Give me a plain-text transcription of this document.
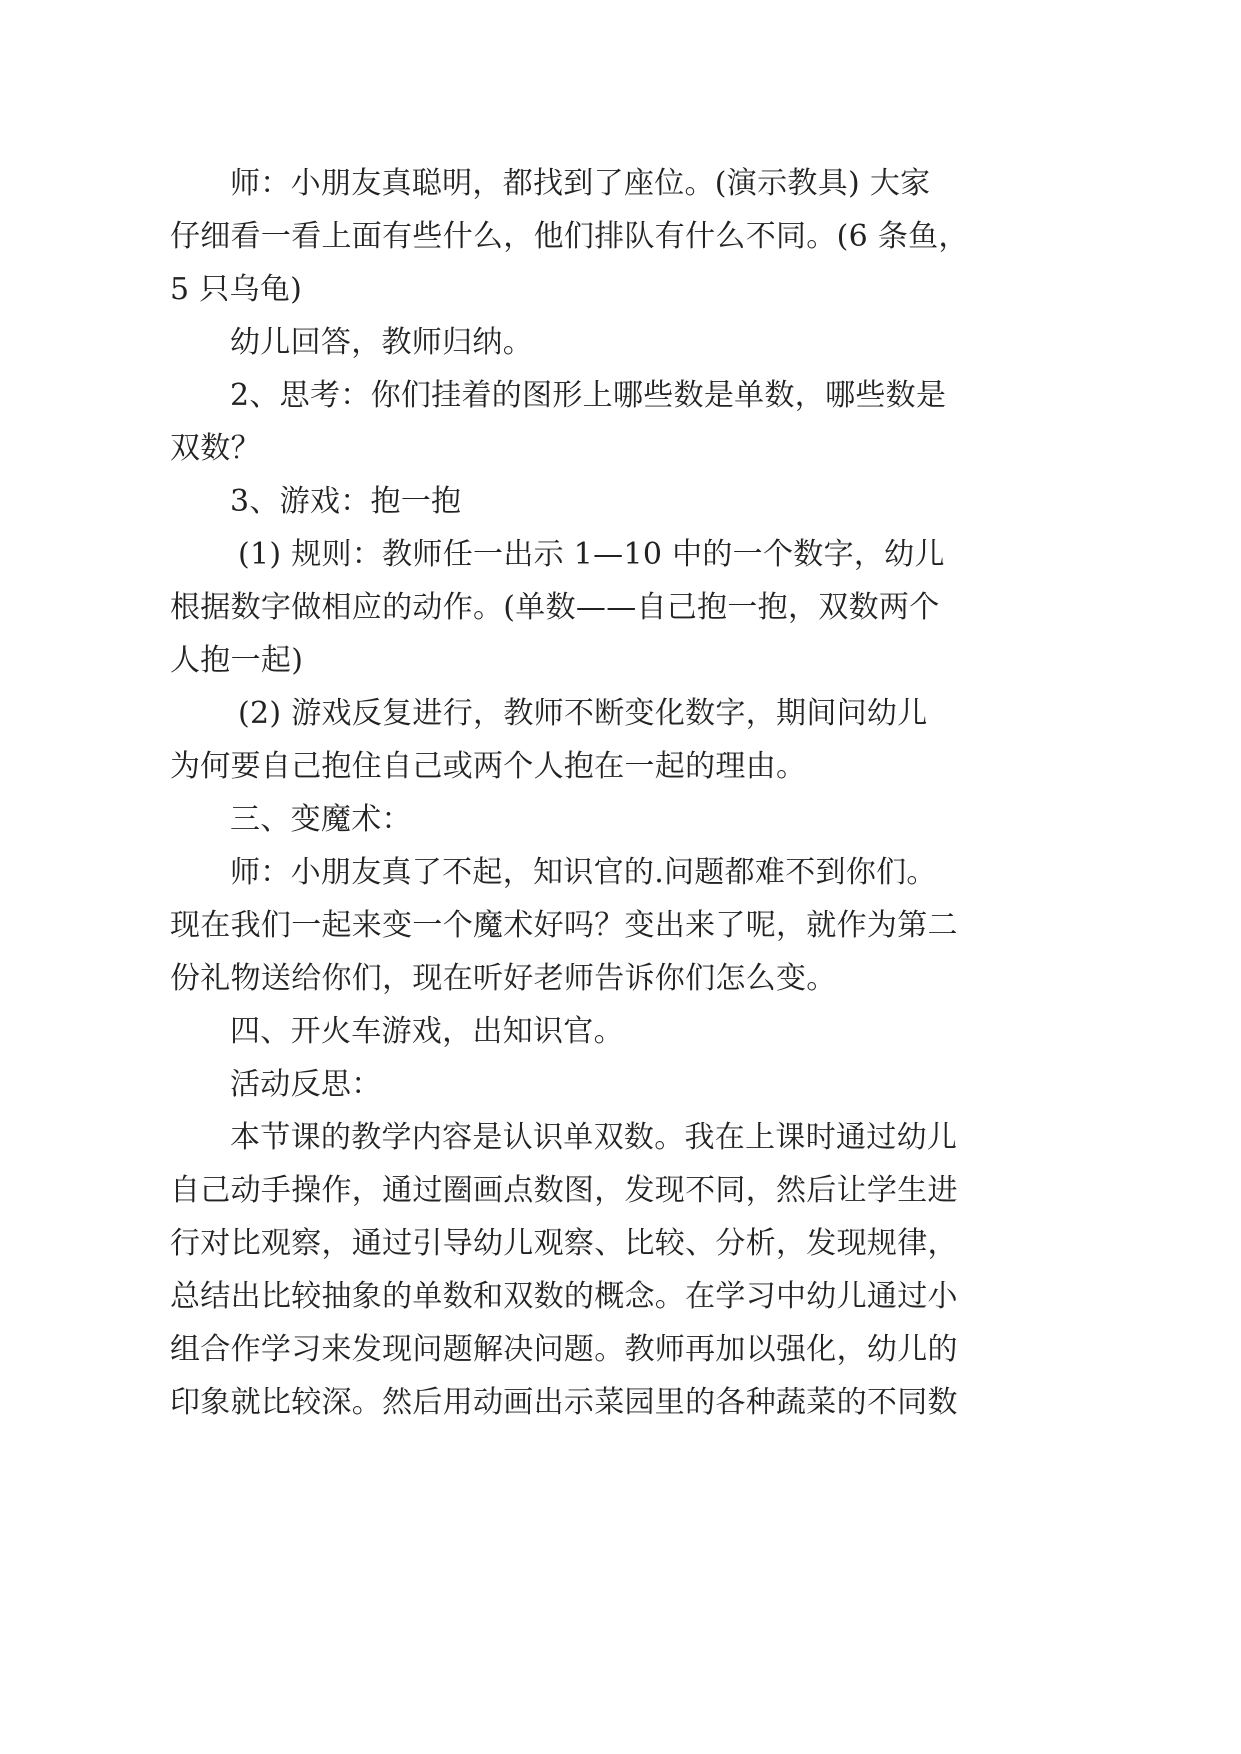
师：小朋友真聪明，都找到了座位。(演示教具) 大家
仔细看一看上面有些什么，他们排队有什么不同。(6 条鱼，
5 只乌龟)
幼儿回答，教师归纳。
2、思考：你们挂着的图形上哪些数是单数，哪些数是
双数？
3、游戏：抱一抱
(1) 规则：教师任一出示 1—10 中的一个数字，幼儿
根据数字做相应的动作。(单数——自己抱一抱，双数两个
人抱一起)
(2) 游戏反复进行，教师不断变化数字，期间问幼儿
为何要自己抱住自己或两个人抱在一起的理由。
三、变魔术：
师：小朋友真了不起，知识官的.问题都难不到你们。
现在我们一起来变一个魔术好吗？变出来了呢，就作为第二
份礼物送给你们，现在听好老师告诉你们怎么变。
四、开火车游戏，出知识官。
活动反思：
本节课的教学内容是认识单双数。我在上课时通过幼儿
自己动手操作，通过圈画点数图，发现不同，然后让学生进
行对比观察，通过引导幼儿观察、比较、分析，发现规律，
总结出比较抽象的单数和双数的概念。在学习中幼儿通过小
组合作学习来发现问题解决问题。教师再加以强化，幼儿的
印象就比较深。然后用动画出示菜园里的各种蔬菜的不同数
